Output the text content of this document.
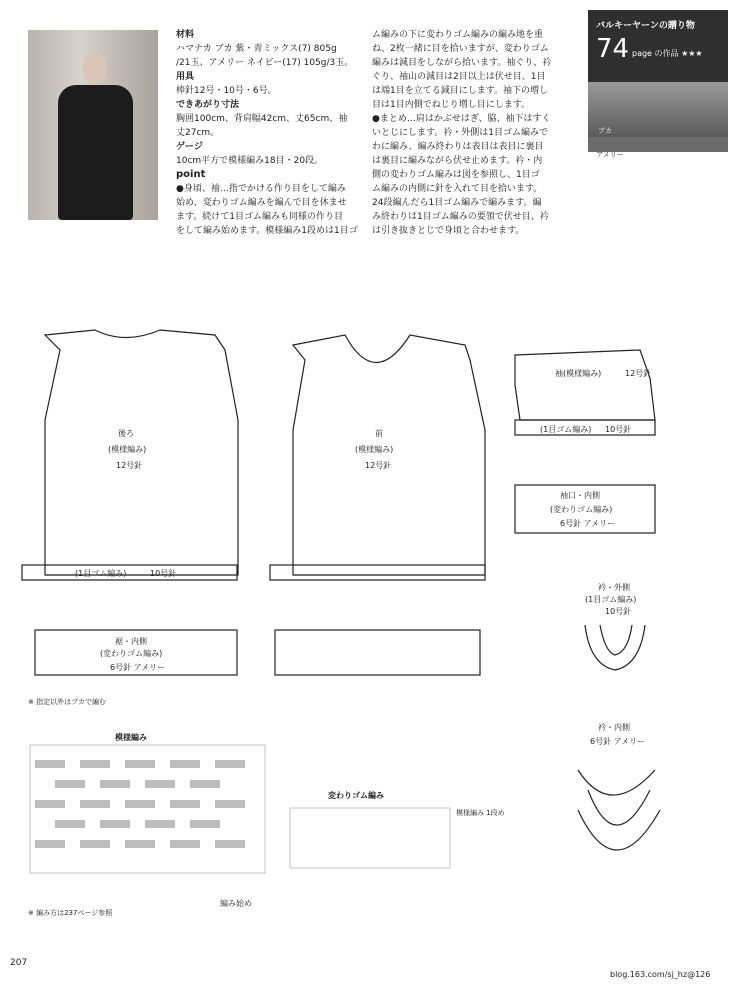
材料
ハマナカ ブカ 紫・青ミックス(7) 805g
/21玉、アメリー ネイビー(17) 105g/3玉。
用具
棒針12号・10号・6号。
できあがり寸法
胸囲100cm、背肩幅42cm、丈65cm、袖
丈27cm。
ゲージ
10cm平方で模様編み18目・20段。
point
●身頃、袖…指でかける作り目をして編み
始め、変わりゴム編みを編んで目を休ませ
ます。続けて1目ゴム編みも同様の作り目
をして編み始めます。模様編み1段めは1目ゴ
ム編みの下に変わりゴム編みの編み地を重
ね、2枚一緒に目を拾いますが、変わりゴム
編みは減目をしながら拾います。袖ぐり、衿
ぐり、袖山の減目は2目以上は伏せ目、1目
は端1目を立てる減目にします。袖下の増し
目は1目内側でねじり増し目にします。
●まとめ…肩はかぶせはぎ、脇、袖下はすく
いとじにします。衿・外側は1目ゴム編みで
わに編み、編み終わりは表目は表目に裏目
は裏目に編みながら伏せ止めます。衿・内
側の変わりゴム編みは図を参照し、1目ゴ
ム編みの内側に針を入れて目を拾います。
24段編んだら1目ゴム編みで編みます。編
み終わりは1目ゴム編みの要領で伏せ目、衿
は引き抜きとじで身頃と合わせます。
バルキーヤーンの贈り物
74 page の作品 ★★★
ブカ
アメリー
後ろ
(模様編み)
12号針
(1目ゴム編み)	10号針
裾・内側
(変わりゴム編み)
6号針 アメリー
前
(模様編み)
12号針
袖(模様編み)	12号針
(1目ゴム編み) 10号針
袖口・内側
(変わりゴム編み)
6号針 アメリー
衿・外側
(1目ゴム編み)
10号針
衿・内側
6号針 アメリー
模様編み
編み始め
※ 編み方は237ページ参照
変わりゴム編み
模様編み 1段め
※ 指定以外はブカで編む
207
blog.163.com/sj_hz@126
